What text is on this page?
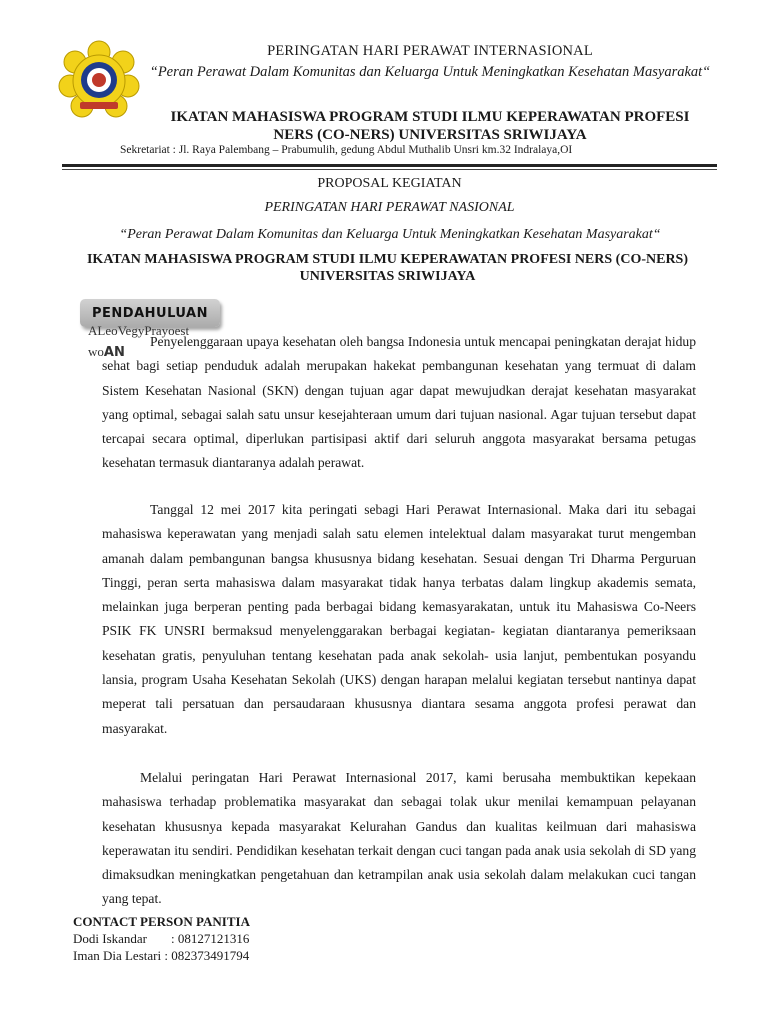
PERINGATAN HARI PERAWAT INTERNASIONAL
“Peran Perawat Dalam Komunitas dan Keluarga Untuk Meningkatkan Kesehatan Masyarakat“
IKATAN MAHASISWA PROGRAM STUDI ILMU KEPERAWATAN PROFESI NERS (CO-NERS) UNIVERSITAS SRIWIJAYA
Sekretariat : Jl. Raya Palembang – Prabumulih, gedung Abdul Muthalib Unsri km.32 Indralaya,OI
PROPOSAL KEGIATAN
PERINGATAN HARI PERAWAT NASIONAL
“Peran Perawat Dalam Komunitas dan Keluarga Untuk Meningkatkan Kesehatan Masyarakat“
IKATAN MAHASISWA PROGRAM STUDI ILMU KEPERAWATAN PROFESI NERS (CO-NERS) UNIVERSITAS SRIWIJAYA
PENDAHULUAN
ALeoVegyPrayoest
woAN
Penyelenggaraan upaya kesehatan oleh bangsa Indonesia untuk mencapai peningkatan derajat hidup sehat bagi setiap penduduk adalah merupakan hakekat pembangunan kesehatan yang termuat di dalam Sistem Kesehatan Nasional (SKN) dengan tujuan agar dapat mewujudkan derajat kesehatan masyarakat yang optimal, sebagai salah satu unsur kesejahteraan umum dari tujuan nasional. Agar tujuan tersebut dapat tercapai secara optimal, diperlukan partisipasi aktif dari seluruh anggota masyarakat bersama petugas kesehatan termasuk diantaranya adalah perawat.
Tanggal 12 mei 2017 kita peringati sebagi Hari Perawat Internasional. Maka dari itu sebagai mahasiswa keperawatan yang menjadi salah satu elemen intelektual dalam masyarakat turut mengemban amanah dalam pembangunan bangsa khususnya bidang kesehatan. Sesuai dengan Tri Dharma Perguruan Tinggi, peran serta mahasiswa dalam masyarakat tidak hanya terbatas dalam lingkup akademis semata, melainkan juga berperan penting pada berbagai bidang kemasyarakatan, untuk itu Mahasiswa Co-Neers PSIK FK UNSRI bermaksud menyelenggarakan berbagai kegiatan- kegiatan diantaranya pemeriksaan kesehatan gratis, penyuluhan tentang kesehatan pada anak sekolah- usia lanjut, pembentukan posyandu lansia, program Usaha Kesehatan Sekolah (UKS) dengan harapan melalui kegiatan tersebut nantinya dapat meperat tali persatuan dan persaudaraan khususnya diantara sesama anggota profesi perawat dan masyarakat.
Melalui peringatan Hari Perawat Internasional 2017, kami berusaha membuktikan kepekaan mahasiswa terhadap problematika masyarakat dan sebagai tolak ukur menilai kemampuan pelayanan kesehatan khususnya kepada masyarakat Kelurahan Gandus dan kualitas keilmuan dari mahasiswa keperawatan itu sendiri. Pendidikan kesehatan terkait dengan cuci tangan pada anak usia sekolah di SD yang dimaksudkan meningkatkan pengetahuan dan ketrampilan anak usia sekolah dalam melakukan cuci tangan yang tepat.
CONTACT PERSON PANITIA
Dodi Iskandar : 08127121316
Iman Dia Lestari : 082373491794
